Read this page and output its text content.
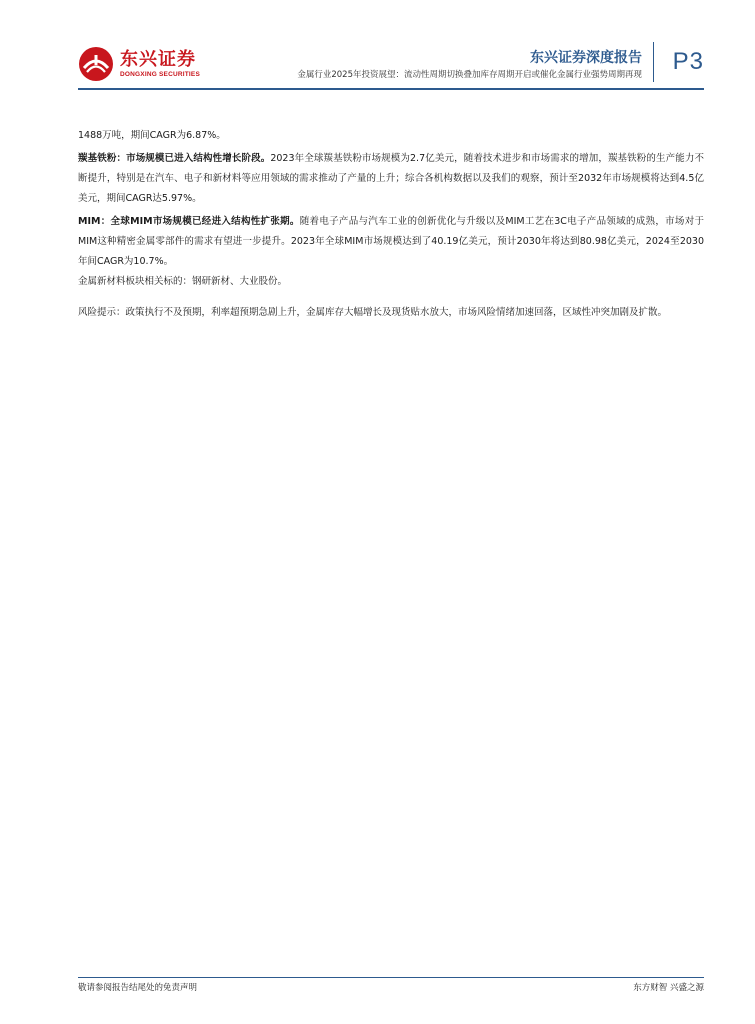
东兴证券
DONGXING SECURITIES
东兴证券深度报告
金属行业2025年投资展望：流动性周期切换叠加库存周期开启或催化金属行业强势周期再现 P3

1488万吨，期间CAGR为6.87%。

羰基铁粉：市场规模已进入结构性增长阶段。2023年全球羰基铁粉市场规模为2.7亿美元，随着技术进步和市场需求的增加，羰基铁粉的生产能力不断提升，特别是在汽车、电子和新材料等应用领域的需求推动了产量的上升；综合各机构数据以及我们的观察，预计至2032年市场规模将达到4.5亿美元，期间CAGR达5.97%。

MIM：全球MIM市场规模已经进入结构性扩张期。随着电子产品与汽车工业的创新优化与升级以及MIM工艺在3C电子产品领域的成熟，市场对于MIM这种精密金属零部件的需求有望进一步提升。2023年全球MIM市场规模达到了40.19亿美元，预计2030年将达到80.98亿美元，2024至2030年间CAGR为10.7%。

金属新材料板块相关标的：钢研新材、大业股份。

风险提示：政策执行不及预期，利率超预期急剧上升，金属库存大幅增长及现货贴水放大，市场风险情绪加速回落，区域性冲突加剧及扩散。
敬请参阅报告结尾处的免责声明	东方财智 兴盛之源
